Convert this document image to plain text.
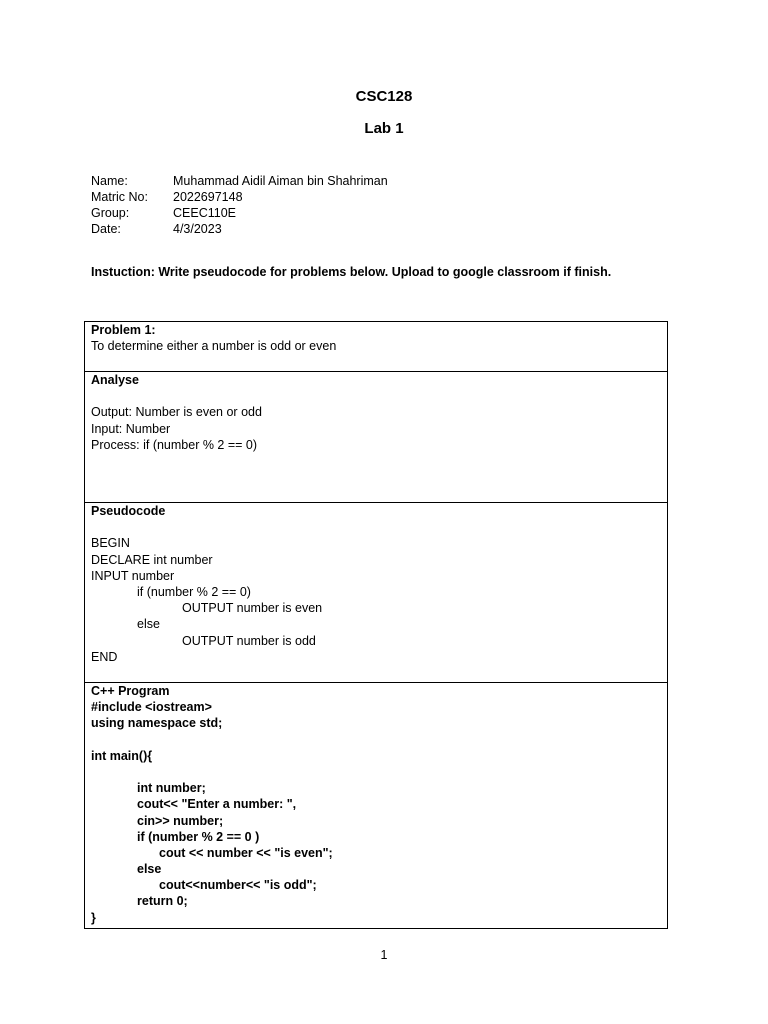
CSC128
Lab 1
Name:	Muhammad Aidil Aiman bin Shahriman
Matric No:	2022697148
Group:	CEEC110E
Date:	4/3/2023
Instuction: Write pseudocode for problems below. Upload to google classroom if finish.
Problem 1:
To determine either a number is odd or even
Analyse
Output: Number is even or odd
Input: Number
Process: if (number % 2 == 0)
Pseudocode
BEGIN
DECLARE int number
INPUT number
if (number % 2 == 0)
OUTPUT number is even
else
OUTPUT number is odd
END
C++ Program
#include <iostream>
using namespace std;
int main(){
int number;
cout<< "Enter a number: ",
cin>> number;
if (number % 2 == 0 )
cout << number << "is even";
else
cout<<number<< "is odd";
return 0;
}
1
